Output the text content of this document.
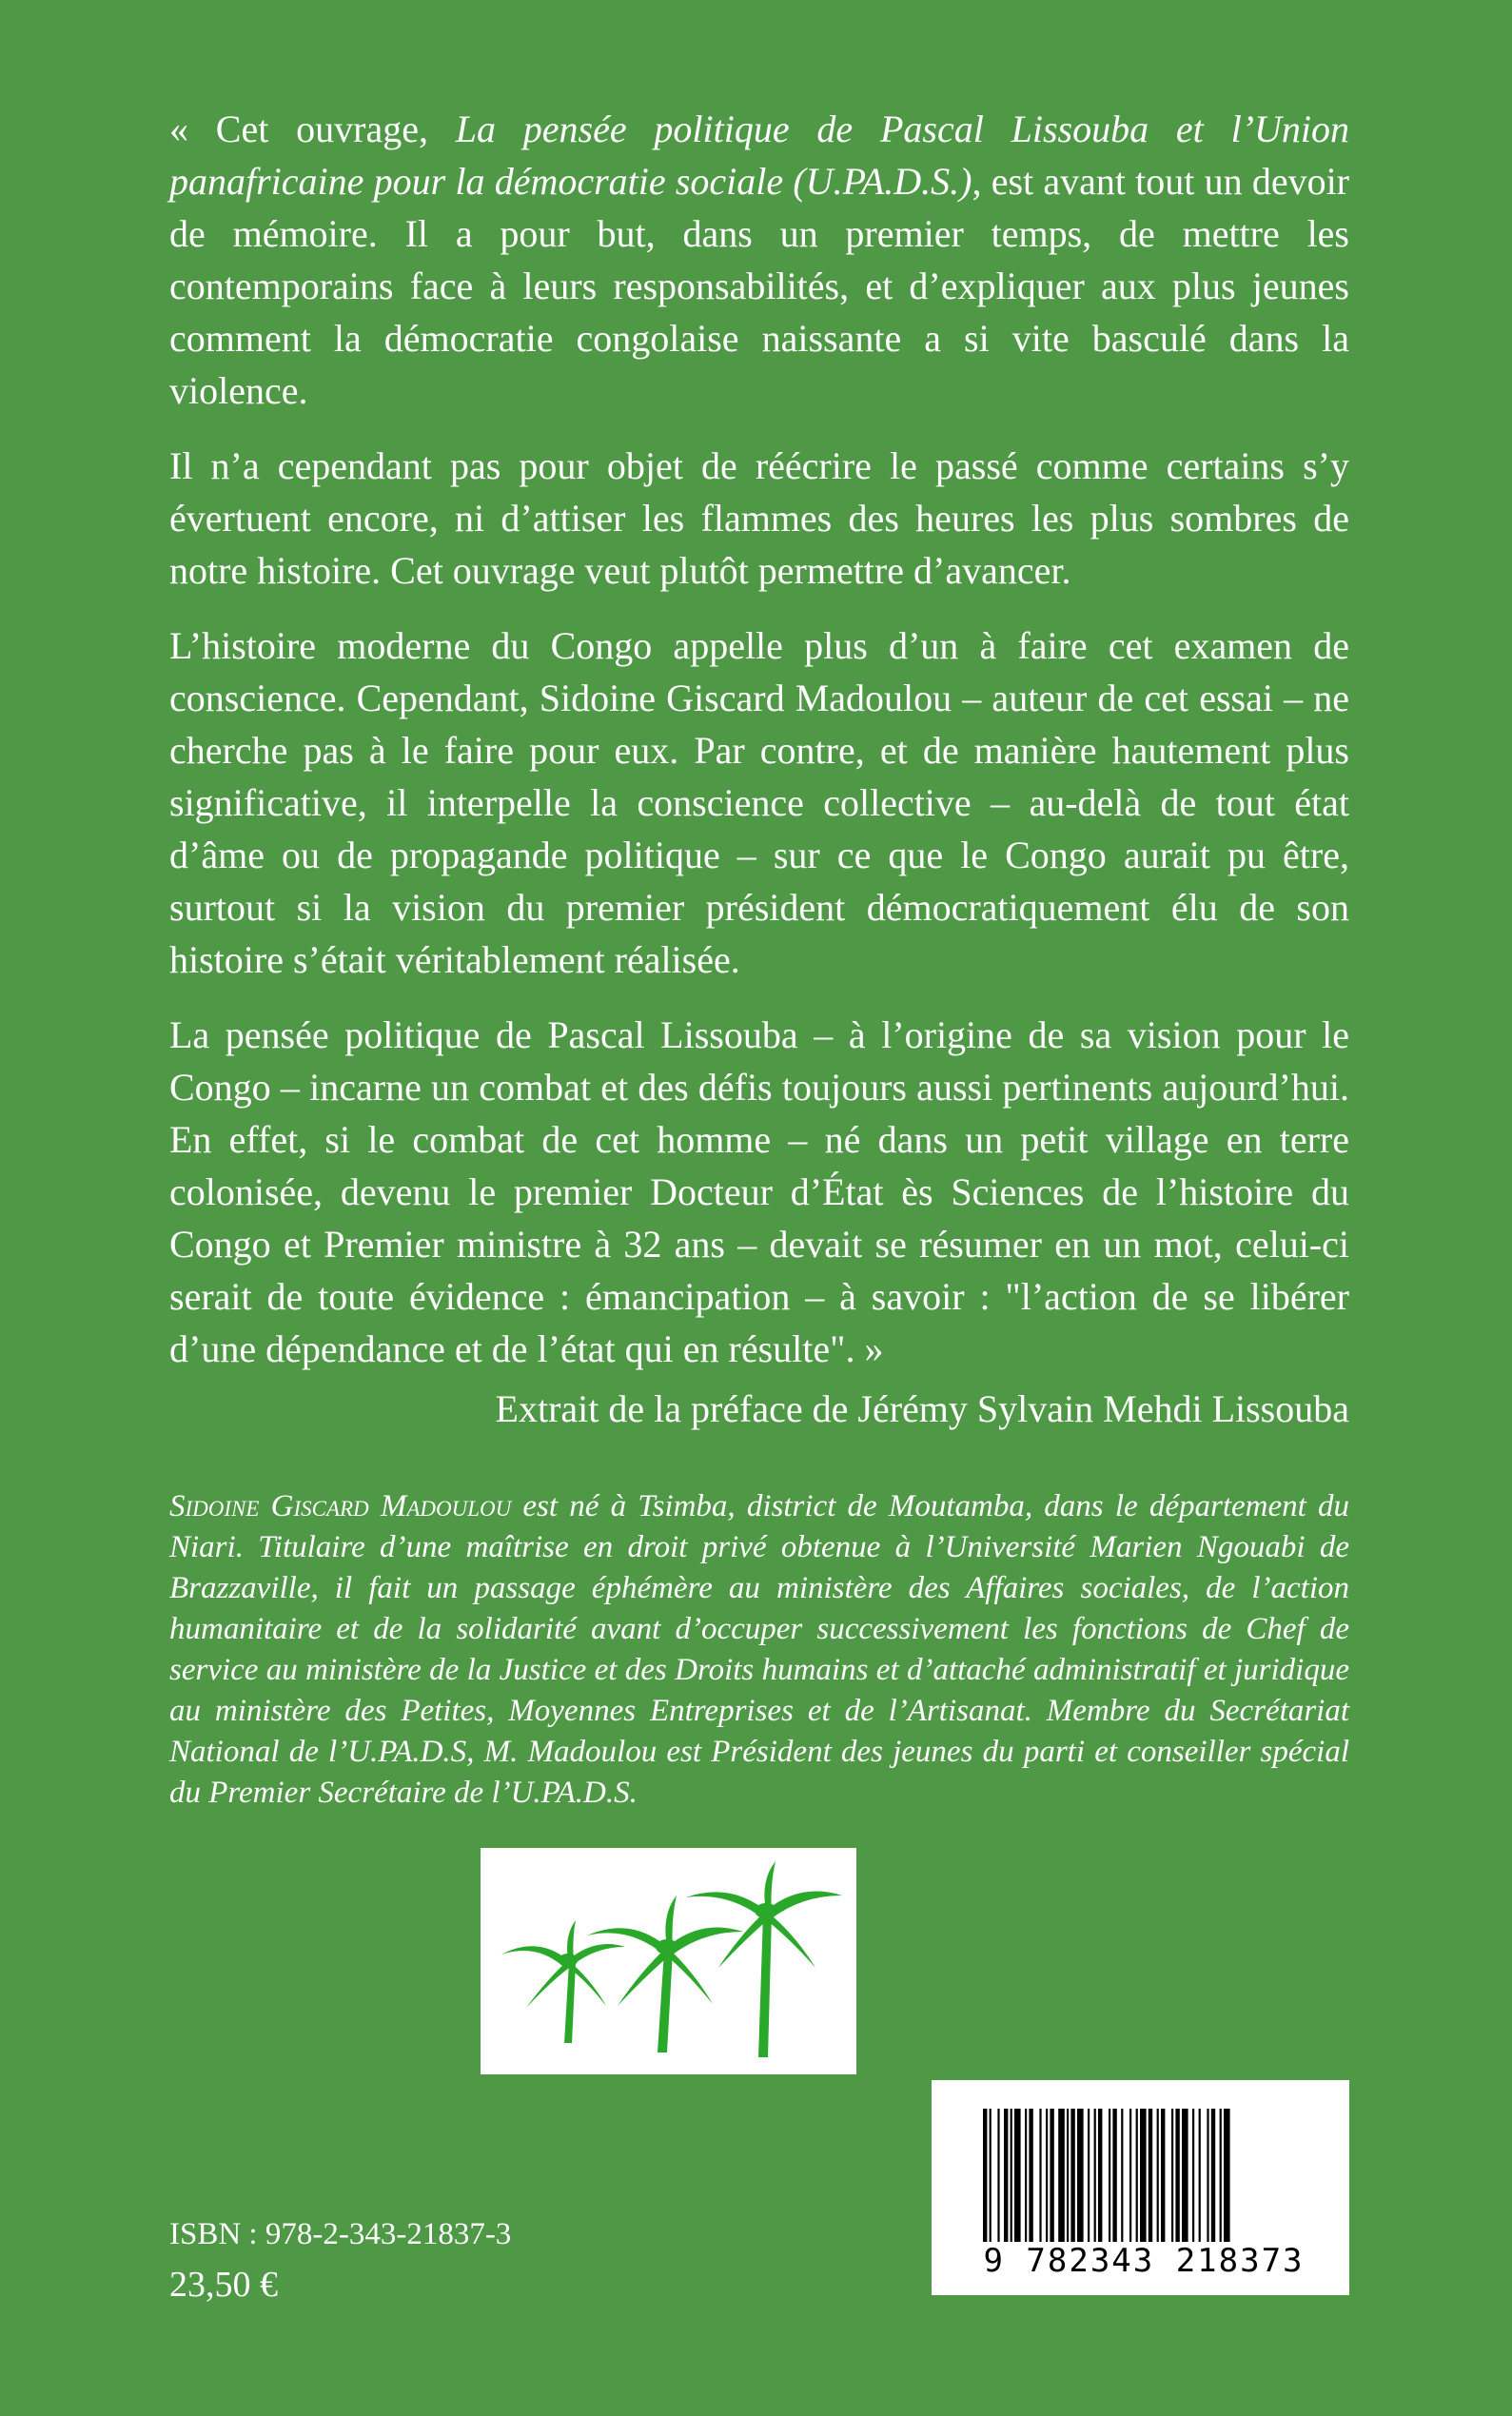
« Cet ouvrage, La pensée politique de Pascal Lissouba et l’Union panafricaine pour la démocratie sociale (U.PA.D.S.), est avant tout un devoir de mémoire. Il a pour but, dans un premier temps, de mettre les contemporains face à leurs responsabilités, et d’expliquer aux plus jeunes comment la démocratie congolaise naissante a si vite basculé dans la violence.

Il n’a cependant pas pour objet de réécrire le passé comme certains s’y évertuent encore, ni d’attiser les flammes des heures les plus sombres de notre histoire. Cet ouvrage veut plutôt permettre d’avancer.

L’histoire moderne du Congo appelle plus d’un à faire cet examen de conscience. Cependant, Sidoine Giscard Madoulou – auteur de cet essai – ne cherche pas à le faire pour eux. Par contre, et de manière hautement plus significative, il interpelle la conscience collective – au-delà de tout état d’âme ou de propagande politique – sur ce que le Congo aurait pu être, surtout si la vision du premier président démocratiquement élu de son histoire s’était véritablement réalisée.

La pensée politique de Pascal Lissouba – à l’origine de sa vision pour le Congo – incarne un combat et des défis toujours aussi pertinents aujourd’hui. En effet, si le combat de cet homme – né dans un petit village en terre colonisée, devenu le premier Docteur d’État ès Sciences de l’histoire du Congo et Premier ministre à 32 ans – devait se résumer en un mot, celui-ci serait de toute évidence : émancipation – à savoir : "l’action de se libérer d’une dépendance et de l’état qui en résulte". »

Extrait de la préface de Jérémy Sylvain Mehdi Lissouba
Sidoine Giscard Madoulou est né à Tsimba, district de Moutamba, dans le département du Niari. Titulaire d’une maîtrise en droit privé obtenue à l’Université Marien Ngouabi de Brazzaville, il fait un passage éphémère au ministère des Affaires sociales, de l’action humanitaire et de la solidarité avant d’occuper successivement les fonctions de Chef de service au ministère de la Justice et des Droits humains et d’attaché administratif et juridique au ministère des Petites, Moyennes Entreprises et de l’Artisanat. Membre du Secrétariat National de l’U.PA.D.S, M. Madoulou est Président des jeunes du parti et conseiller spécial du Premier Secrétaire de l’U.PA.D.S.
9 782343 218373
ISBN : 978-2-343-21837-3
23,50 €
